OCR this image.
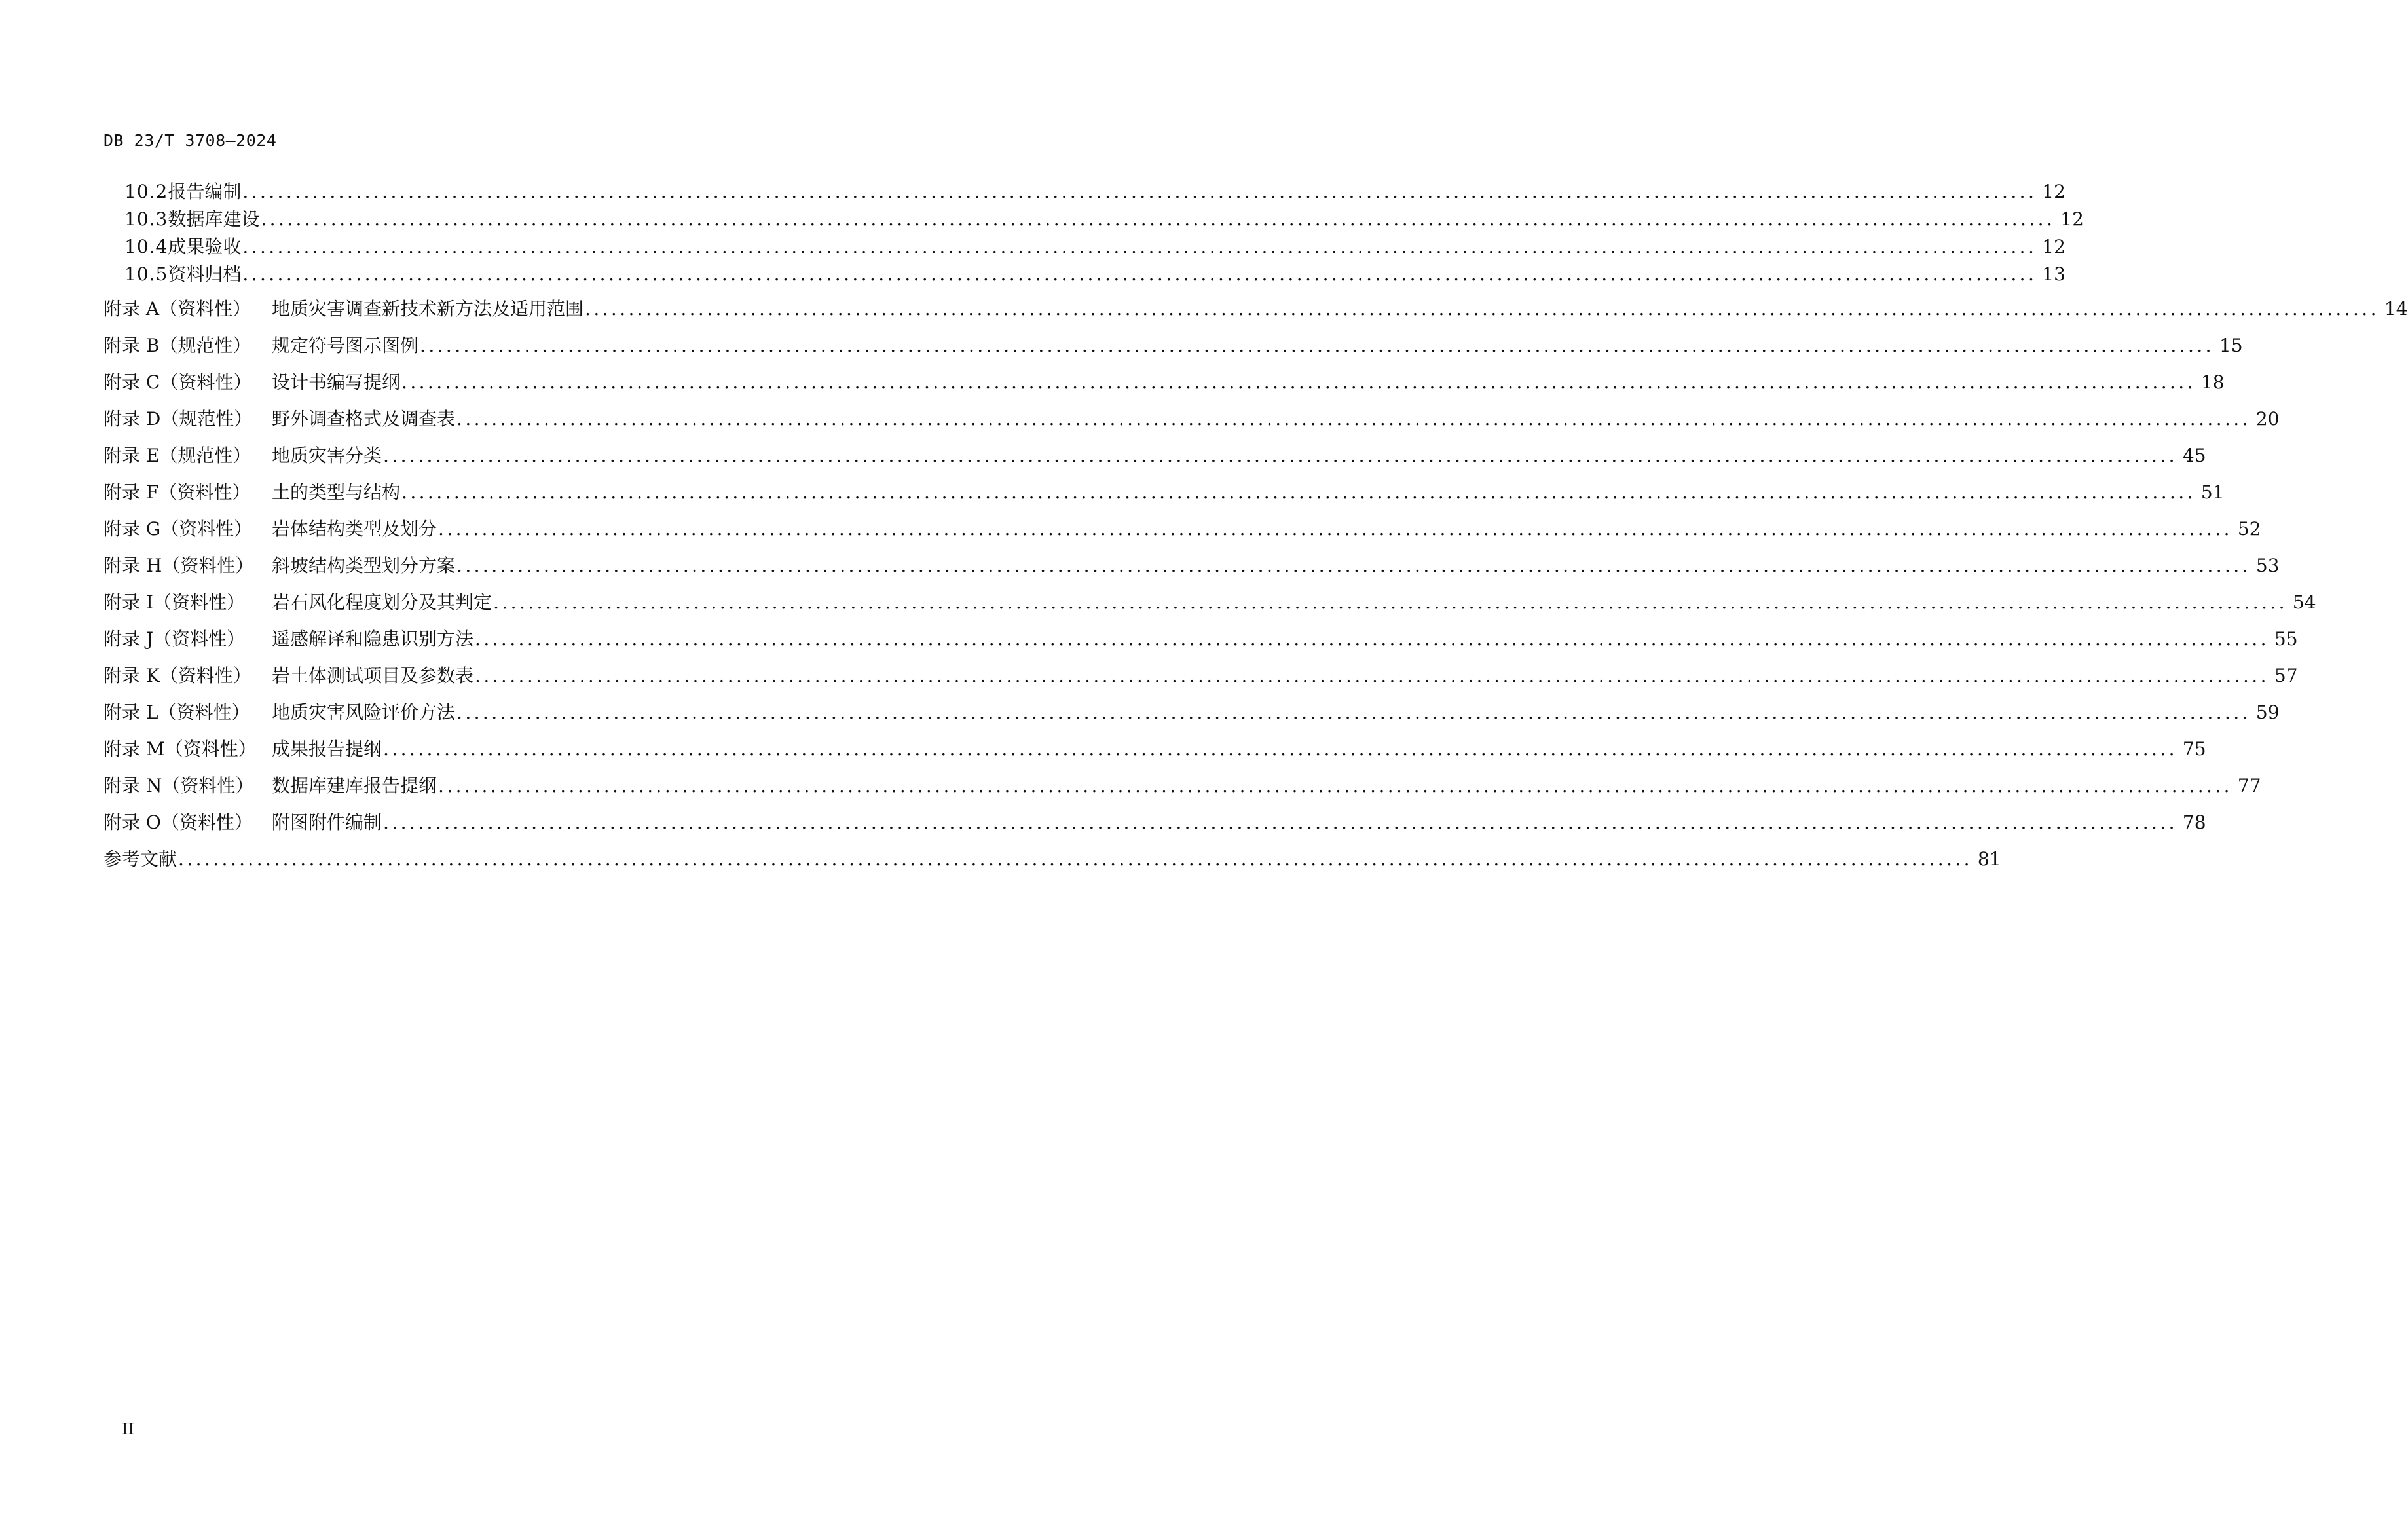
DB 23/T 3708—2024
10.2 报告编制 .............................................................................................................................................................................................................. 12
10.3 数据库建设 .............................................................................................................................................................................................................. 12
10.4 成果验收 .............................................................................................................................................................................................................. 12
10.5 资料归档 .............................................................................................................................................................................................................. 13
附录 A（资料性）	地质灾害调查新技术新方法及适用范围 .............................................................................................................................................................................................................. 14
附录 B（规范性）	规定符号图示图例 .............................................................................................................................................................................................................. 15
附录 C（资料性）	设计书编写提纲 .............................................................................................................................................................................................................. 18
附录 D（规范性）	野外调查格式及调查表 .............................................................................................................................................................................................................. 20
附录 E（规范性）	地质灾害分类 .............................................................................................................................................................................................................. 45
附录 F（资料性）	土的类型与结构 .............................................................................................................................................................................................................. 51
附录 G（资料性）	岩体结构类型及划分 .............................................................................................................................................................................................................. 52
附录 H（资料性） 斜坡结构类型划分方案 .............................................................................................................................................................................................................. 53
附录 I（资料性）	岩石风化程度划分及其判定 .............................................................................................................................................................................................................. 54
附录 J（资料性）	遥感解译和隐患识别方法 .............................................................................................................................................................................................................. 55
附录 K（资料性）	岩土体测试项目及参数表 .............................................................................................................................................................................................................. 57
附录 L（资料性）	地质灾害风险评价方法 .............................................................................................................................................................................................................. 59
附录 M（资料性） 成果报告提纲 .............................................................................................................................................................................................................. 75
附录 N（资料性） 数据库建库报告提纲 .............................................................................................................................................................................................................. 77
附录 O（资料性）	附图附件编制 .............................................................................................................................................................................................................. 78
参考文献 .............................................................................................................................................................................................................. 81
II
